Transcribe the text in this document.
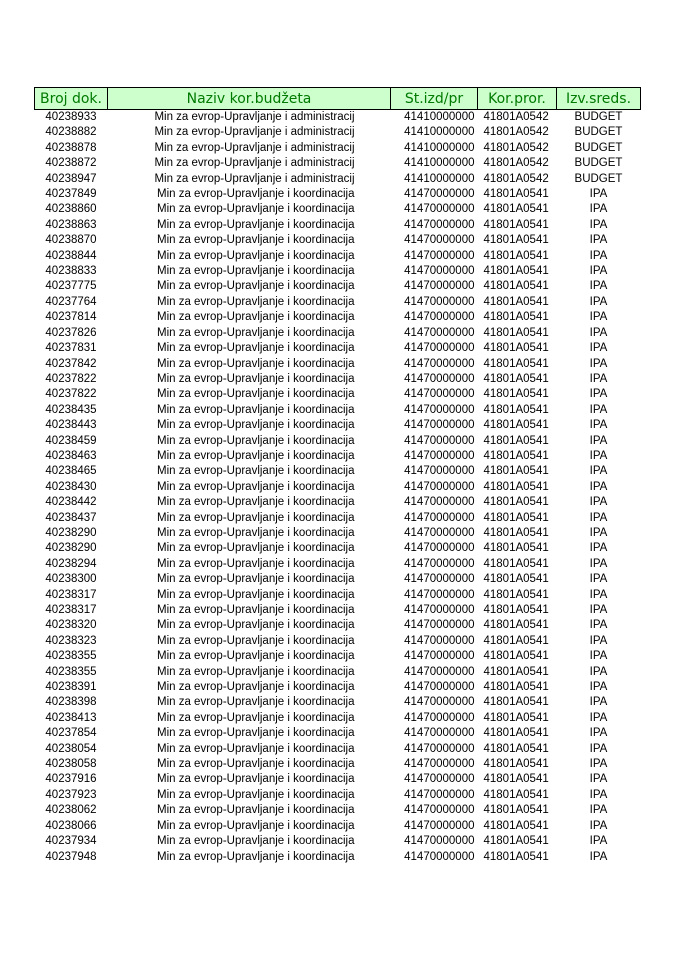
Broj dok.	Naziv kor.budžeta	St.izd/pr	Kor.pror.	Izv.sreds.
40238933	Min za evrop-Upravljanje i administracij	41410000000	41801A0542	BUDGET
40238882	Min za evrop-Upravljanje i administracij	41410000000	41801A0542	BUDGET
40238878	Min za evrop-Upravljanje i administracij	41410000000	41801A0542	BUDGET
40238872	Min za evrop-Upravljanje i administracij	41410000000	41801A0542	BUDGET
40238947	Min za evrop-Upravljanje i administracij	41410000000	41801A0542	BUDGET
40237849	Min za evrop-Upravljanje i koordinacija	41470000000	41801A0541	IPA
40238860	Min za evrop-Upravljanje i koordinacija	41470000000	41801A0541	IPA
40238863	Min za evrop-Upravljanje i koordinacija	41470000000	41801A0541	IPA
40238870	Min za evrop-Upravljanje i koordinacija	41470000000	41801A0541	IPA
40238844	Min za evrop-Upravljanje i koordinacija	41470000000	41801A0541	IPA
40238833	Min za evrop-Upravljanje i koordinacija	41470000000	41801A0541	IPA
40237775	Min za evrop-Upravljanje i koordinacija	41470000000	41801A0541	IPA
40237764	Min za evrop-Upravljanje i koordinacija	41470000000	41801A0541	IPA
40237814	Min za evrop-Upravljanje i koordinacija	41470000000	41801A0541	IPA
40237826	Min za evrop-Upravljanje i koordinacija	41470000000	41801A0541	IPA
40237831	Min za evrop-Upravljanje i koordinacija	41470000000	41801A0541	IPA
40237842	Min za evrop-Upravljanje i koordinacija	41470000000	41801A0541	IPA
40237822	Min za evrop-Upravljanje i koordinacija	41470000000	41801A0541	IPA
40237822	Min za evrop-Upravljanje i koordinacija	41470000000	41801A0541	IPA
40238435	Min za evrop-Upravljanje i koordinacija	41470000000	41801A0541	IPA
40238443	Min za evrop-Upravljanje i koordinacija	41470000000	41801A0541	IPA
40238459	Min za evrop-Upravljanje i koordinacija	41470000000	41801A0541	IPA
40238463	Min za evrop-Upravljanje i koordinacija	41470000000	41801A0541	IPA
40238465	Min za evrop-Upravljanje i koordinacija	41470000000	41801A0541	IPA
40238430	Min za evrop-Upravljanje i koordinacija	41470000000	41801A0541	IPA
40238442	Min za evrop-Upravljanje i koordinacija	41470000000	41801A0541	IPA
40238437	Min za evrop-Upravljanje i koordinacija	41470000000	41801A0541	IPA
40238290	Min za evrop-Upravljanje i koordinacija	41470000000	41801A0541	IPA
40238290	Min za evrop-Upravljanje i koordinacija	41470000000	41801A0541	IPA
40238294	Min za evrop-Upravljanje i koordinacija	41470000000	41801A0541	IPA
40238300	Min za evrop-Upravljanje i koordinacija	41470000000	41801A0541	IPA
40238317	Min za evrop-Upravljanje i koordinacija	41470000000	41801A0541	IPA
40238317	Min za evrop-Upravljanje i koordinacija	41470000000	41801A0541	IPA
40238320	Min za evrop-Upravljanje i koordinacija	41470000000	41801A0541	IPA
40238323	Min za evrop-Upravljanje i koordinacija	41470000000	41801A0541	IPA
40238355	Min za evrop-Upravljanje i koordinacija	41470000000	41801A0541	IPA
40238355	Min za evrop-Upravljanje i koordinacija	41470000000	41801A0541	IPA
40238391	Min za evrop-Upravljanje i koordinacija	41470000000	41801A0541	IPA
40238398	Min za evrop-Upravljanje i koordinacija	41470000000	41801A0541	IPA
40238413	Min za evrop-Upravljanje i koordinacija	41470000000	41801A0541	IPA
40237854	Min za evrop-Upravljanje i koordinacija	41470000000	41801A0541	IPA
40238054	Min za evrop-Upravljanje i koordinacija	41470000000	41801A0541	IPA
40238058	Min za evrop-Upravljanje i koordinacija	41470000000	41801A0541	IPA
40237916	Min za evrop-Upravljanje i koordinacija	41470000000	41801A0541	IPA
40237923	Min za evrop-Upravljanje i koordinacija	41470000000	41801A0541	IPA
40238062	Min za evrop-Upravljanje i koordinacija	41470000000	41801A0541	IPA
40238066	Min za evrop-Upravljanje i koordinacija	41470000000	41801A0541	IPA
40237934	Min za evrop-Upravljanje i koordinacija	41470000000	41801A0541	IPA
40237948	Min za evrop-Upravljanje i koordinacija	41470000000	41801A0541	IPA
